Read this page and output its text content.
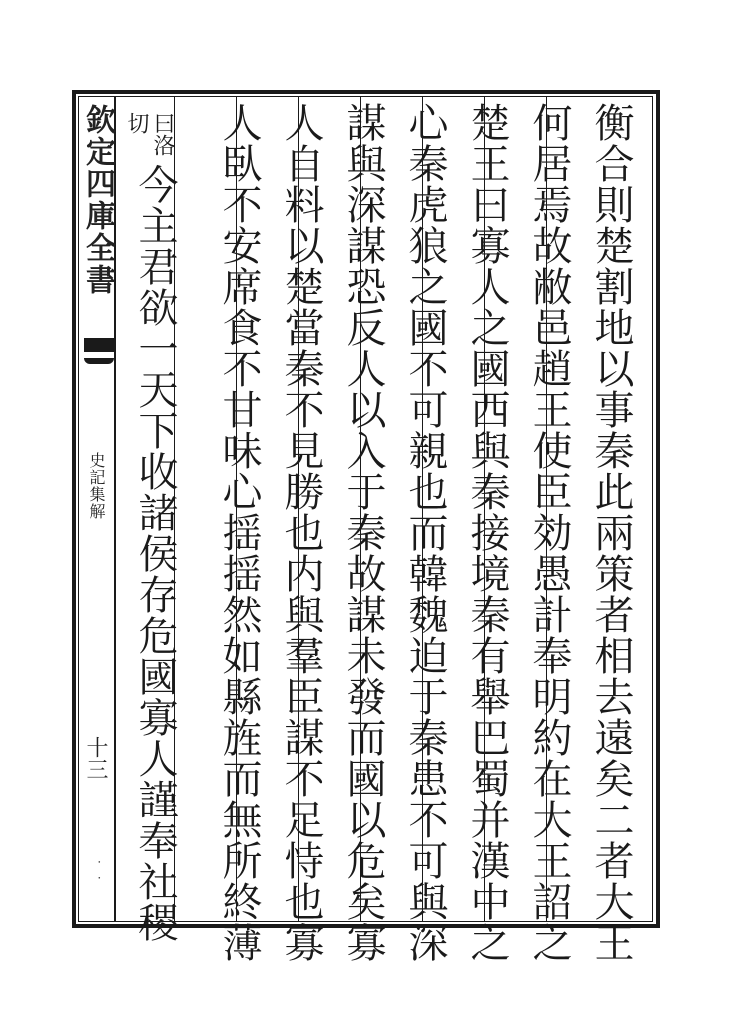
欽定四庫全書
史記集解
十三
·　·	衡合則楚割地以事秦此兩策者相去遠矣二者大王
何居焉故敝邑趙王使臣効愚計奉明約在大王詔之
楚王曰寡人之國西與秦接境秦有舉巴蜀并漢中之
心秦虎狼之國不可親也而韓魏迫于秦患不可與深
謀與深謀恐反人以入于秦故謀未發而國以危矣寡
人自料以楚當秦不見勝也内與羣臣謀不足恃也寡
人臥不安席食不甘味心揺揺然如縣旌而無所終薄
曰洛
切
今主君欲一天下收諸侯存危國寡人謹奉社稷
